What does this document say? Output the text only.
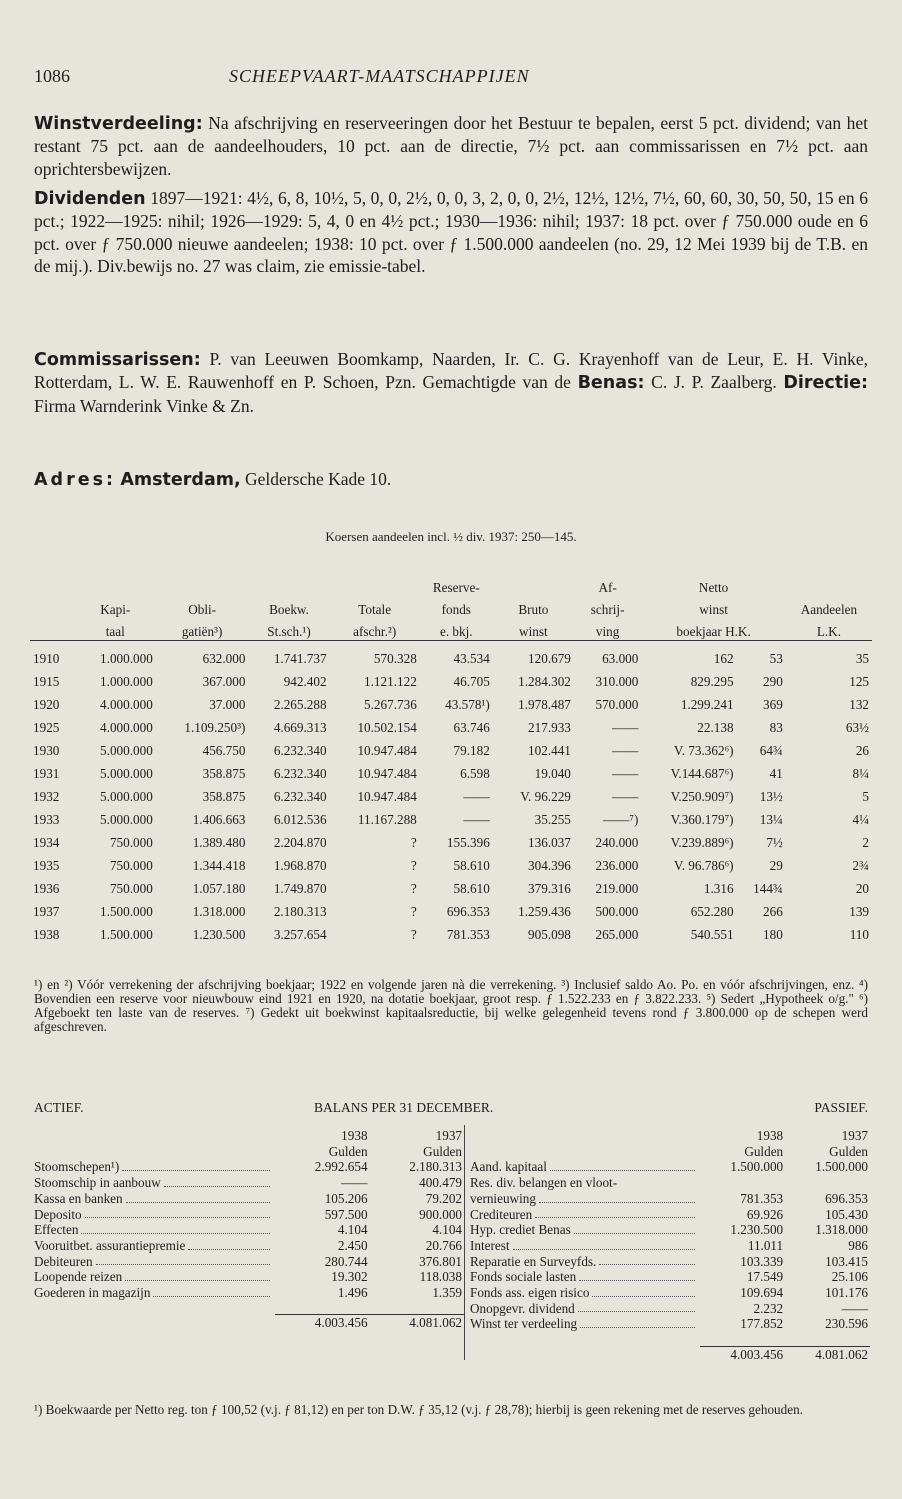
1086	SCHEEPVAART-MAATSCHAPPIJEN
Winstverdeeling: Na afschrijving en reserveeringen door het Bestuur te bepalen, eerst 5 pct. dividend; van het restant 75 pct. aan de aandeelhouders, 10 pct. aan de directie, 7½ pct. aan commissarissen en 7½ pct. aan oprichtersbewijzen.
Dividenden 1897—1921: 4½, 6, 8, 10½, 5, 0, 0, 2½, 0, 0, 3, 2, 0, 0, 2½, 12½, 12½, 7½, 60, 60, 30, 50, 50, 15 en 6 pct.; 1922—1925: nihil; 1926—1929: 5, 4, 0 en 4½ pct.; 1930—1936: nihil; 1937: 18 pct. over ƒ 750.000 oude en 6 pct. over ƒ 750.000 nieuwe aandeelen; 1938: 10 pct. over ƒ 1.500.000 aandeelen (no. 29, 12 Mei 1939 bij de T.B. en de mij.). Div.bewijs no. 27 was claim, zie emissie-tabel.
Commissarissen: P. van Leeuwen Boomkamp, Naarden, Ir. C. G. Krayenhoff van de Leur, E. H. Vinke, Rotterdam, L. W. E. Rauwenhoff en P. Schoen, Pzn. Gemachtigde van de Benas: C. J. P. Zaalberg. Directie: Firma Warnderink Vinke & Zn.
Adres: Amsterdam, Geldersche Kade 10.
Koersen aandeelen incl. ½ div. 1937: 250—145.
					Reserve-		Af-	Netto		
	Kapi-	Obli-	Boekw.	Totale	fonds	Bruto	schrij-	winst		Aandeelen
	taal	gatiën³)	St.sch.¹)	afschr.²)	e. bkj.	winst	ving	boekjaar H.K.		L.K.
1910	1.000.000	632.000	1.741.737	570.328	43.534	120.679	63.000	162	53	35
1915	1.000.000	367.000	942.402	1.121.122	46.705	1.284.302	310.000	829.295	290	125
1920	4.000.000	37.000	2.265.288	5.267.736	43.578¹)	1.978.487	570.000	1.299.241	369	132
1925	4.000.000	1.109.250³)	4.669.313	10.502.154	63.746	217.933	——	22.138	83	63½
1930	5.000.000	456.750	6.232.340	10.947.484	79.182	102.441	——	V. 73.362⁶)	64¾	26
1931	5.000.000	358.875	6.232.340	10.947.484	6.598	19.040	——	V.144.687⁶)	41	8¼
1932	5.000.000	358.875	6.232.340	10.947.484	——	V. 96.229	——	V.250.909⁷)	13½	5
1933	5.000.000	1.406.663	6.012.536	11.167.288	——	35.255	——⁷)	V.360.179⁷)	13¼	4¼
1934	750.000	1.389.480	2.204.870	?	155.396	136.037	240.000	V.239.889⁶)	7½	2
1935	750.000	1.344.418	1.968.870	?	58.610	304.396	236.000	V. 96.786⁶)	29	2¾
1936	750.000	1.057.180	1.749.870	?	58.610	379.316	219.000	1.316	144¾	20
1937	1.500.000	1.318.000	2.180.313	?	696.353	1.259.436	500.000	652.280	266	139
1938	1.500.000	1.230.500	3.257.654	?	781.353	905.098	265.000	540.551	180	110
¹) en ²) Vóór verrekening der afschrijving boekjaar; 1922 en volgende jaren nà die verrekening. ³) Inclusief saldo Ao. Po. en vóór afschrijvingen, enz. ⁴) Bovendien een reserve voor nieuwbouw eind 1921 en 1920, na dotatie boekjaar, groot resp. ƒ 1.522.233 en ƒ 3.822.233. ⁵) Sedert „Hypotheek o/g." ⁶) Afgeboekt ten laste van de reserves. ⁷) Gedekt uit boekwinst kapitaalsreductie, bij welke gelegenheid tevens rond ƒ 3.800.000 op de schepen werd afgeschreven.
ACTIEF.	BALANS PER 31 DECEMBER.	PASSIEF.
	1938	1937
	Gulden	Gulden

Stoomschepen¹)	2.992.654	2.180.313

Stoomschip in aanbouw	——	400.479

Kassa en banken	105.206	79.202

Deposito	597.500	900.000

Effecten	4.104	4.104

Vooruitbet. assurantiepremie	2.450	20.766

Debiteuren	280.744	376.801

Loopende reizen	19.302	118.038

Goederen in magazijn	1.496	1.359

	4.003.456	4.081.062
	1938	1937
	Gulden	Gulden

Aand. kapitaal	1.500.000	1.500.000

Res. div. belangen en vloot-		

vernieuwing	781.353	696.353

Crediteuren	69.926	105.430

Hyp. crediet Benas	1.230.500	1.318.000

Interest	11.011	986

Reparatie en Surveyfds.	103.339	103.415

Fonds sociale lasten	17.549	25.106

Fonds ass. eigen risico	109.694	101.176

Onopgevr. dividend	2.232	——

Winst ter verdeeling	177.852	230.596

	4.003.456	4.081.062
¹) Boekwaarde per Netto reg. ton ƒ 100,52 (v.j. ƒ 81,12) en per ton D.W. ƒ 35,12 (v.j. ƒ 28,78); hierbij is geen rekening met de reserves gehouden.
